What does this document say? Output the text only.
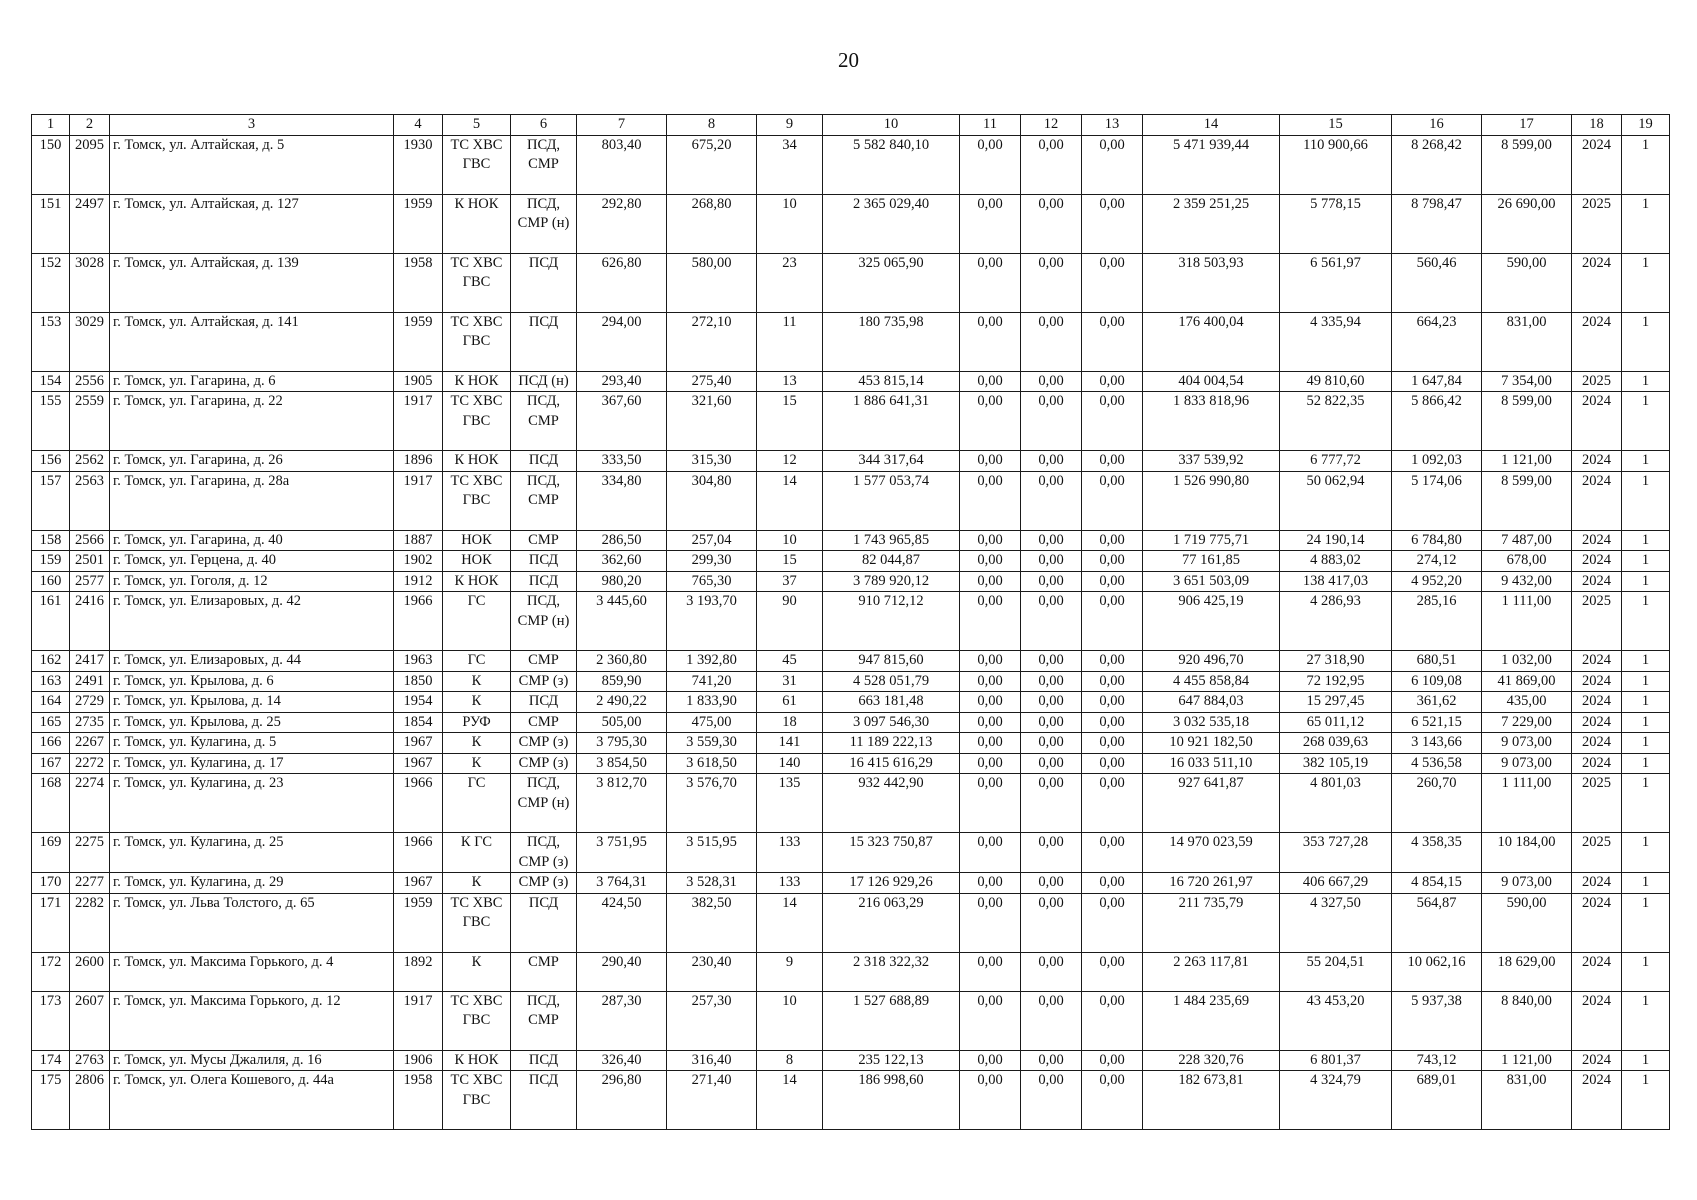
20
1	2	3	4	5	6	7	8	9	10	11	12	13	14	15	16	17	18	19
150	2095	г. Томск, ул. Алтайская, д. 5	1930	ТС ХВС ГВС	ПСД, СМР	803,40	675,20	34	5 582 840,10	0,00	0,00	0,00	5 471 939,44	110 900,66	8 268,42	8 599,00	2024	1
151	2497	г. Томск, ул. Алтайская, д. 127	1959	К НОК	ПСД, СМР (н)	292,80	268,80	10	2 365 029,40	0,00	0,00	0,00	2 359 251,25	5 778,15	8 798,47	26 690,00	2025	1
152	3028	г. Томск, ул. Алтайская, д. 139	1958	ТС ХВС ГВС	ПСД	626,80	580,00	23	325 065,90	0,00	0,00	0,00	318 503,93	6 561,97	560,46	590,00	2024	1
153	3029	г. Томск, ул. Алтайская, д. 141	1959	ТС ХВС ГВС	ПСД	294,00	272,10	11	180 735,98	0,00	0,00	0,00	176 400,04	4 335,94	664,23	831,00	2024	1
154	2556	г. Томск, ул. Гагарина, д. 6	1905	К НОК	ПСД (н)	293,40	275,40	13	453 815,14	0,00	0,00	0,00	404 004,54	49 810,60	1 647,84	7 354,00	2025	1
155	2559	г. Томск, ул. Гагарина, д. 22	1917	ТС ХВС ГВС	ПСД, СМР	367,60	321,60	15	1 886 641,31	0,00	0,00	0,00	1 833 818,96	52 822,35	5 866,42	8 599,00	2024	1
156	2562	г. Томск, ул. Гагарина, д. 26	1896	К НОК	ПСД	333,50	315,30	12	344 317,64	0,00	0,00	0,00	337 539,92	6 777,72	1 092,03	1 121,00	2024	1
157	2563	г. Томск, ул. Гагарина, д. 28а	1917	ТС ХВС ГВС	ПСД, СМР	334,80	304,80	14	1 577 053,74	0,00	0,00	0,00	1 526 990,80	50 062,94	5 174,06	8 599,00	2024	1
158	2566	г. Томск, ул. Гагарина, д. 40	1887	НОК	СМР	286,50	257,04	10	1 743 965,85	0,00	0,00	0,00	1 719 775,71	24 190,14	6 784,80	7 487,00	2024	1
159	2501	г. Томск, ул. Герцена, д. 40	1902	НОК	ПСД	362,60	299,30	15	82 044,87	0,00	0,00	0,00	77 161,85	4 883,02	274,12	678,00	2024	1
160	2577	г. Томск, ул. Гоголя, д. 12	1912	К НОК	ПСД	980,20	765,30	37	3 789 920,12	0,00	0,00	0,00	3 651 503,09	138 417,03	4 952,20	9 432,00	2024	1
161	2416	г. Томск, ул. Елизаровых, д. 42	1966	ГС	ПСД, СМР (н)	3 445,60	3 193,70	90	910 712,12	0,00	0,00	0,00	906 425,19	4 286,93	285,16	1 111,00	2025	1
162	2417	г. Томск, ул. Елизаровых, д. 44	1963	ГС	СМР	2 360,80	1 392,80	45	947 815,60	0,00	0,00	0,00	920 496,70	27 318,90	680,51	1 032,00	2024	1
163	2491	г. Томск, ул. Крылова, д. 6	1850	К	СМР (з)	859,90	741,20	31	4 528 051,79	0,00	0,00	0,00	4 455 858,84	72 192,95	6 109,08	41 869,00	2024	1
164	2729	г. Томск, ул. Крылова, д. 14	1954	К	ПСД	2 490,22	1 833,90	61	663 181,48	0,00	0,00	0,00	647 884,03	15 297,45	361,62	435,00	2024	1
165	2735	г. Томск, ул. Крылова, д. 25	1854	РУФ	СМР	505,00	475,00	18	3 097 546,30	0,00	0,00	0,00	3 032 535,18	65 011,12	6 521,15	7 229,00	2024	1
166	2267	г. Томск, ул. Кулагина, д. 5	1967	К	СМР (з)	3 795,30	3 559,30	141	11 189 222,13	0,00	0,00	0,00	10 921 182,50	268 039,63	3 143,66	9 073,00	2024	1
167	2272	г. Томск, ул. Кулагина, д. 17	1967	К	СМР (з)	3 854,50	3 618,50	140	16 415 616,29	0,00	0,00	0,00	16 033 511,10	382 105,19	4 536,58	9 073,00	2024	1
168	2274	г. Томск, ул. Кулагина, д. 23	1966	ГС	ПСД, СМР (н)	3 812,70	3 576,70	135	932 442,90	0,00	0,00	0,00	927 641,87	4 801,03	260,70	1 111,00	2025	1
169	2275	г. Томск, ул. Кулагина, д. 25	1966	К ГС	ПСД, СМР (з)	3 751,95	3 515,95	133	15 323 750,87	0,00	0,00	0,00	14 970 023,59	353 727,28	4 358,35	10 184,00	2025	1
170	2277	г. Томск, ул. Кулагина, д. 29	1967	К	СМР (з)	3 764,31	3 528,31	133	17 126 929,26	0,00	0,00	0,00	16 720 261,97	406 667,29	4 854,15	9 073,00	2024	1
171	2282	г. Томск, ул. Льва Толстого, д. 65	1959	ТС ХВС ГВС	ПСД	424,50	382,50	14	216 063,29	0,00	0,00	0,00	211 735,79	4 327,50	564,87	590,00	2024	1
172	2600	г. Томск, ул. Максима Горького, д. 4	1892	К	СМР	290,40	230,40	9	2 318 322,32	0,00	0,00	0,00	2 263 117,81	55 204,51	10 062,16	18 629,00	2024	1
173	2607	г. Томск, ул. Максима Горького, д. 12	1917	ТС ХВС ГВС	ПСД, СМР	287,30	257,30	10	1 527 688,89	0,00	0,00	0,00	1 484 235,69	43 453,20	5 937,38	8 840,00	2024	1
174	2763	г. Томск, ул. Мусы Джалиля, д. 16	1906	К НОК	ПСД	326,40	316,40	8	235 122,13	0,00	0,00	0,00	228 320,76	6 801,37	743,12	1 121,00	2024	1
175	2806	г. Томск, ул. Олега Кошевого, д. 44а	1958	ТС ХВС ГВС	ПСД	296,80	271,40	14	186 998,60	0,00	0,00	0,00	182 673,81	4 324,79	689,01	831,00	2024	1
